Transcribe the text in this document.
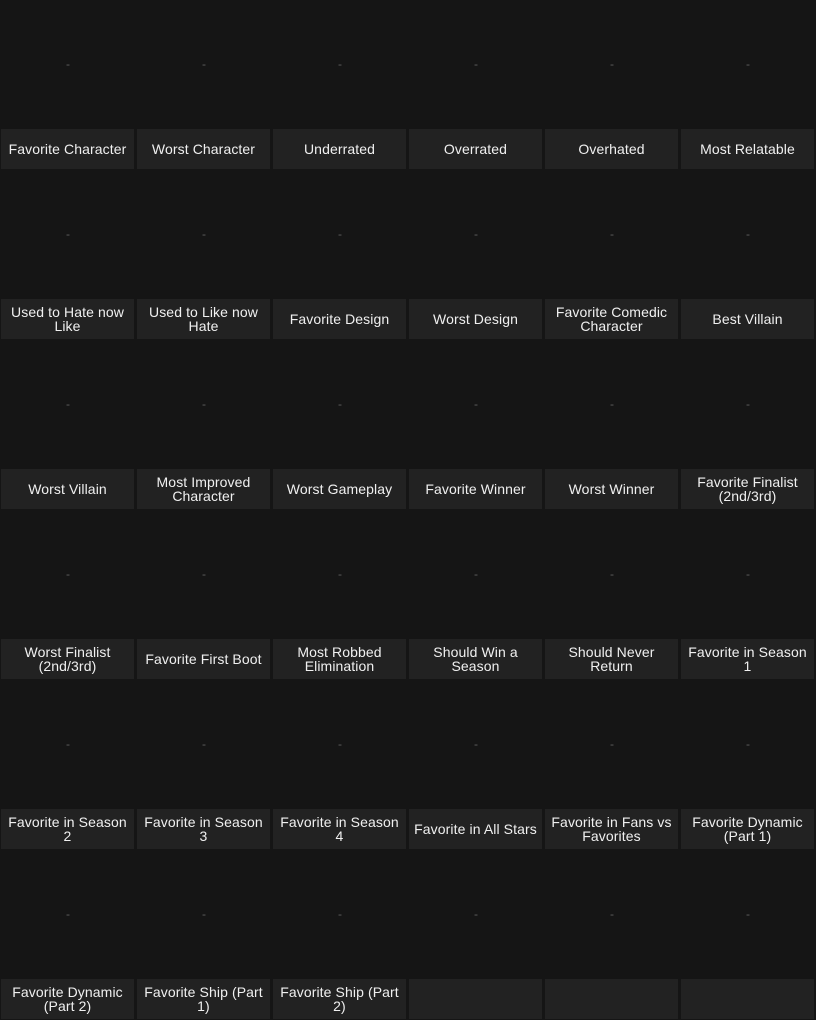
-
Favorite Character
-
Worst Character
-
Underrated
-
Overrated
-
Overhated
-
Most Relatable
-
Used to Hate now Like
-
Used to Like now Hate
-
Favorite Design
-
Worst Design
-
Favorite Comedic Character
-
Best Villain
-
Worst Villain
-
Most Improved Character
-
Worst Gameplay
-
Favorite Winner
-
Worst Winner
-
Favorite Finalist (2nd/3rd)
-
Worst Finalist (2nd/3rd)
-
Favorite First Boot
-
Most Robbed Elimination
-
Should Win a Season
-
Should Never Return
-
Favorite in Season 1
-
Favorite in Season 2
-
Favorite in Season 3
-
Favorite in Season 4
-
Favorite in All Stars
-
Favorite in Fans vs Favorites
-
Favorite Dynamic (Part 1)
-
Favorite Dynamic (Part 2)
-
Favorite Ship (Part 1)
-
Favorite Ship (Part 2)
-	-	-
